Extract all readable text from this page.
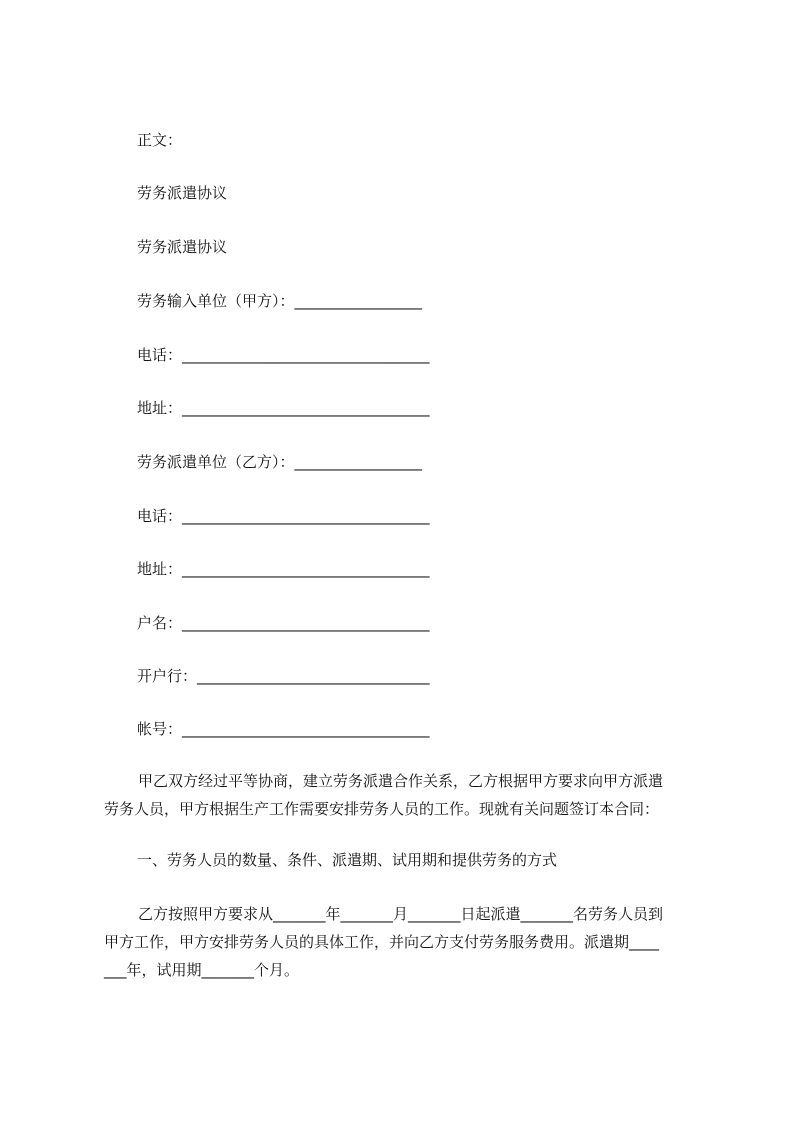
正文：
劳务派遣协议
劳务派遣协议
劳务输入单位（甲方）：_________________
电话：_________________________________
地址：_________________________________
劳务派遣单位（乙方）：_________________
电话：_________________________________
地址：_________________________________
户名：_________________________________
开户行：_______________________________
帐号：_________________________________
甲乙双方经过平等协商，建立劳务派遣合作关系，乙方根据甲方要求向甲方派遣
劳务人员，甲方根据生产工作需要安排劳务人员的工作。现就有关问题签订本合同：
一、劳务人员的数量、条件、派遣期、试用期和提供劳务的方式
乙方按照甲方要求从_______年_______月_______日起派遣_______名劳务人员到
甲方工作，甲方安排劳务人员的具体工作，并向乙方支付劳务服务费用。派遣期____
___年，试用期_______个月。
